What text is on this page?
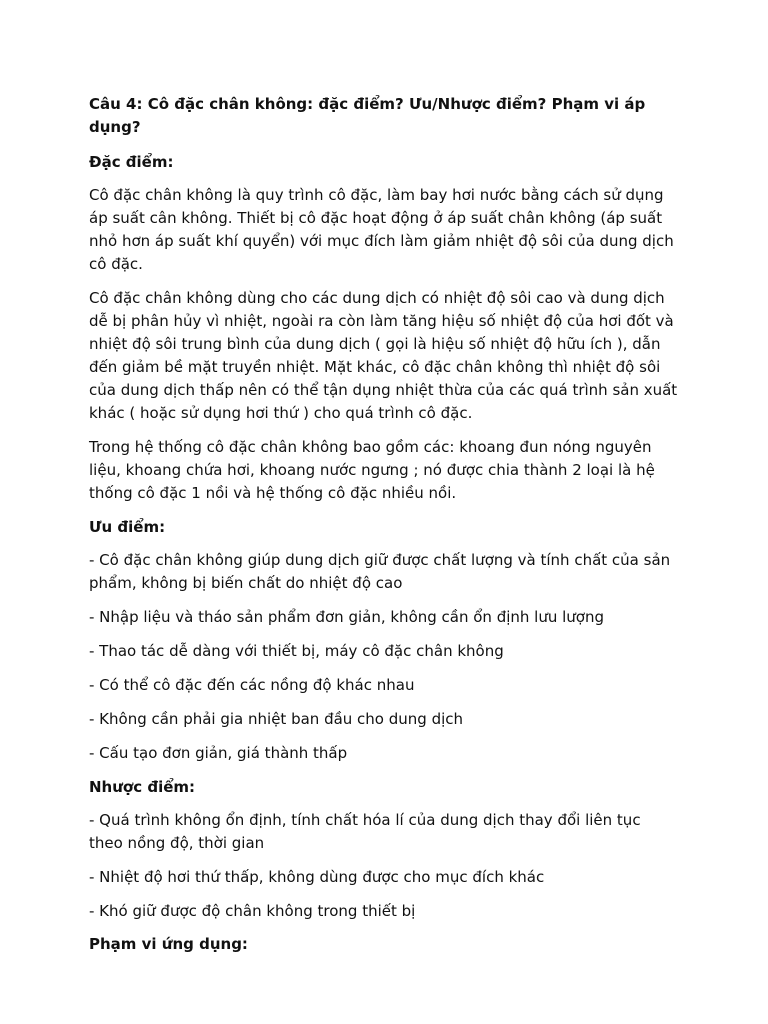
Câu 4: Cô đặc chân không: đặc điểm? Ưu/Nhược điểm? Phạm vi áp dụng?

Đặc điểm:

Cô đặc chân không là quy trình cô đặc, làm bay hơi nước bằng cách sử dụng áp suất cân không. Thiết bị cô đặc hoạt động ở áp suất chân không (áp suất nhỏ hơn áp suất khí quyển) với mục đích làm giảm nhiệt độ sôi của dung dịch cô đặc.

Cô đặc chân không dùng cho các dung dịch có nhiệt độ sôi cao và dung dịch dễ bị phân hủy vì nhiệt, ngoài ra còn làm tăng hiệu số nhiệt độ của hơi đốt và nhiệt độ sôi trung bình của dung dịch ( gọi là hiệu số nhiệt độ hữu ích ), dẫn đến giảm bề mặt truyền nhiệt. Mặt khác, cô đặc chân không thì nhiệt độ sôi của dung dịch thấp nên có thể tận dụng nhiệt thừa của các quá trình sản xuất khác ( hoặc sử dụng hơi thứ ) cho quá trình cô đặc.

Trong hệ thống cô đặc chân không bao gồm các: khoang đun nóng nguyên liệu, khoang chứa hơi, khoang nước ngưng ; nó được chia thành 2 loại là hệ thống cô đặc 1 nồi và hệ thống cô đặc nhiều nồi.

Ưu điểm:

- Cô đặc chân không giúp dung dịch giữ được chất lượng và tính chất của sản phẩm, không bị biến chất do nhiệt độ cao

- Nhập liệu và tháo sản phẩm đơn giản, không cần ổn định lưu lượng

- Thao tác dễ dàng với thiết bị, máy cô đặc chân không

- Có thể cô đặc đến các nồng độ khác nhau

- Không cần phải gia nhiệt ban đầu cho dung dịch

- Cấu tạo đơn giản, giá thành thấp

Nhược điểm:

- Quá trình không ổn định, tính chất hóa lí của dung dịch thay đổi liên tục theo nồng độ, thời gian

- Nhiệt độ hơi thứ thấp, không dùng được cho mục đích khác

- Khó giữ được độ chân không trong thiết bị

Phạm vi ứng dụng:
